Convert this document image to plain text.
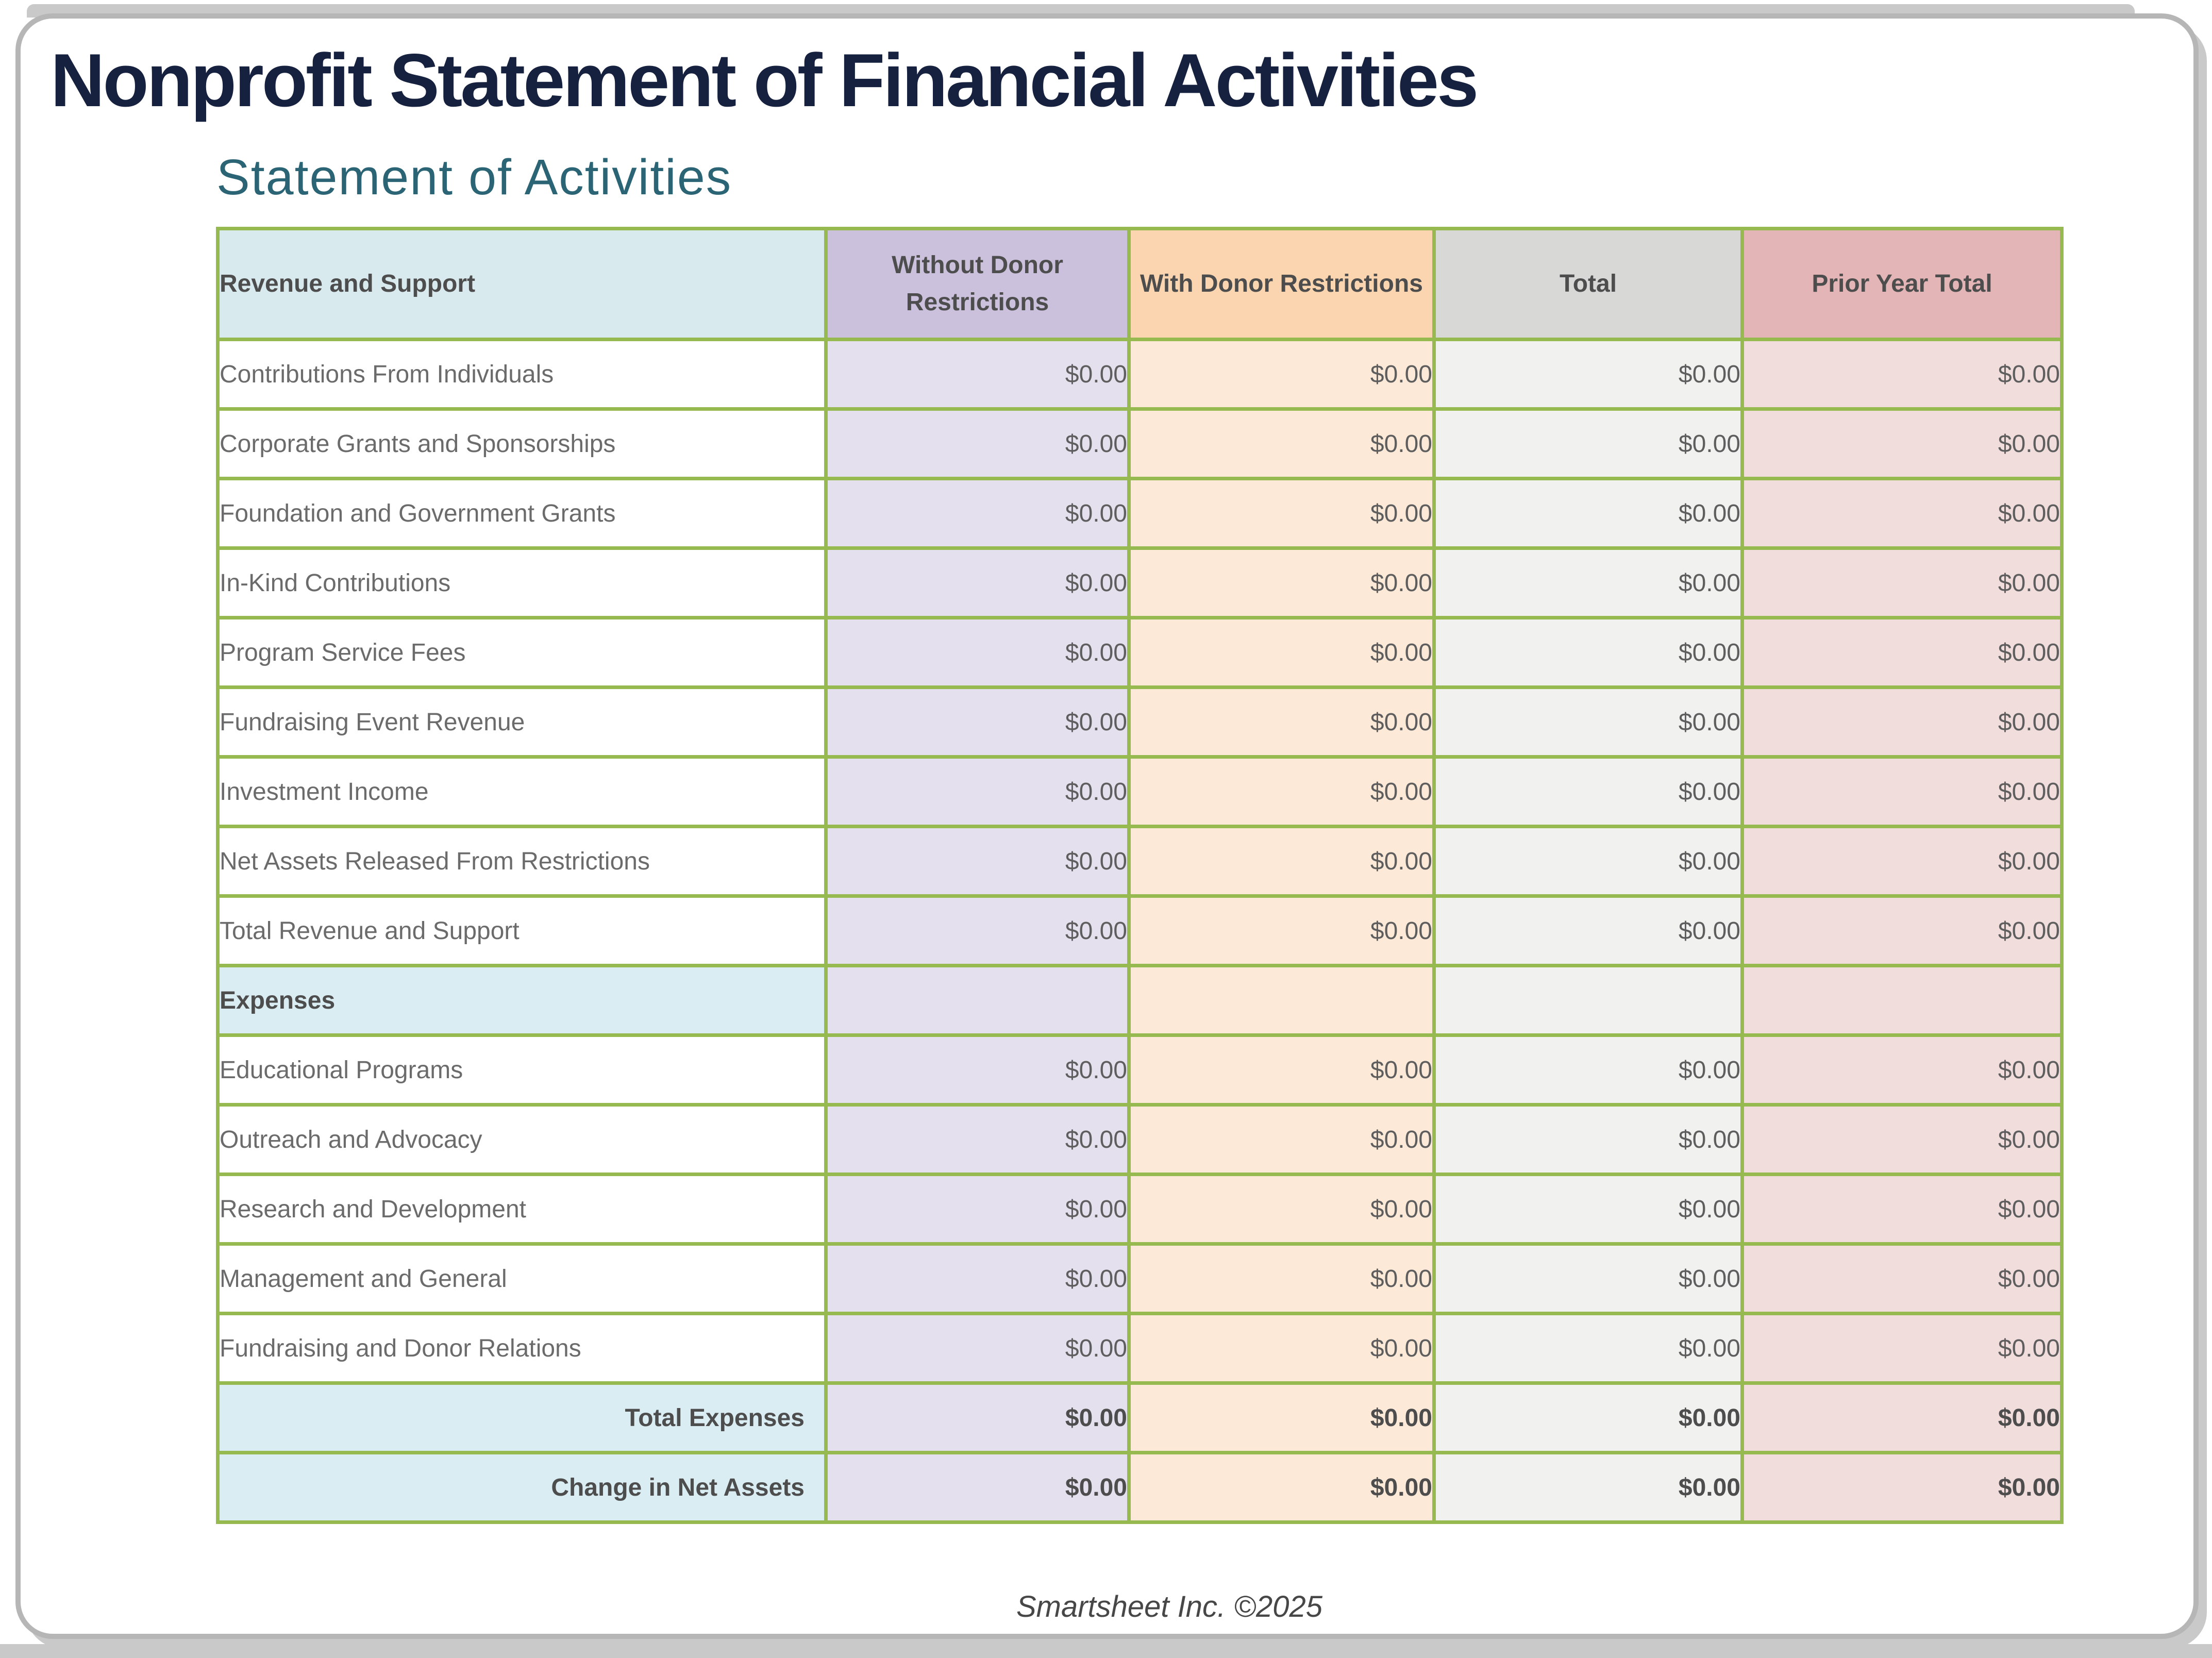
Nonprofit Statement of Financial Activities
Statement of Activities
Revenue and Support	Without Donor Restrictions	With Donor Restrictions	Total	Prior Year Total
Contributions From Individuals	$0.00	$0.00	$0.00	$0.00
Corporate Grants and Sponsorships	$0.00	$0.00	$0.00	$0.00
Foundation and Government Grants	$0.00	$0.00	$0.00	$0.00
In-Kind Contributions	$0.00	$0.00	$0.00	$0.00
Program Service Fees	$0.00	$0.00	$0.00	$0.00
Fundraising Event Revenue	$0.00	$0.00	$0.00	$0.00
Investment Income	$0.00	$0.00	$0.00	$0.00
Net Assets Released From Restrictions	$0.00	$0.00	$0.00	$0.00
Total Revenue and Support	$0.00	$0.00	$0.00	$0.00
Expenses				
Educational Programs	$0.00	$0.00	$0.00	$0.00
Outreach and Advocacy	$0.00	$0.00	$0.00	$0.00
Research and Development	$0.00	$0.00	$0.00	$0.00
Management and General	$0.00	$0.00	$0.00	$0.00
Fundraising and Donor Relations	$0.00	$0.00	$0.00	$0.00
Total Expenses	$0.00	$0.00	$0.00	$0.00
Change in Net Assets	$0.00	$0.00	$0.00	$0.00
Smartsheet Inc. ©2025
